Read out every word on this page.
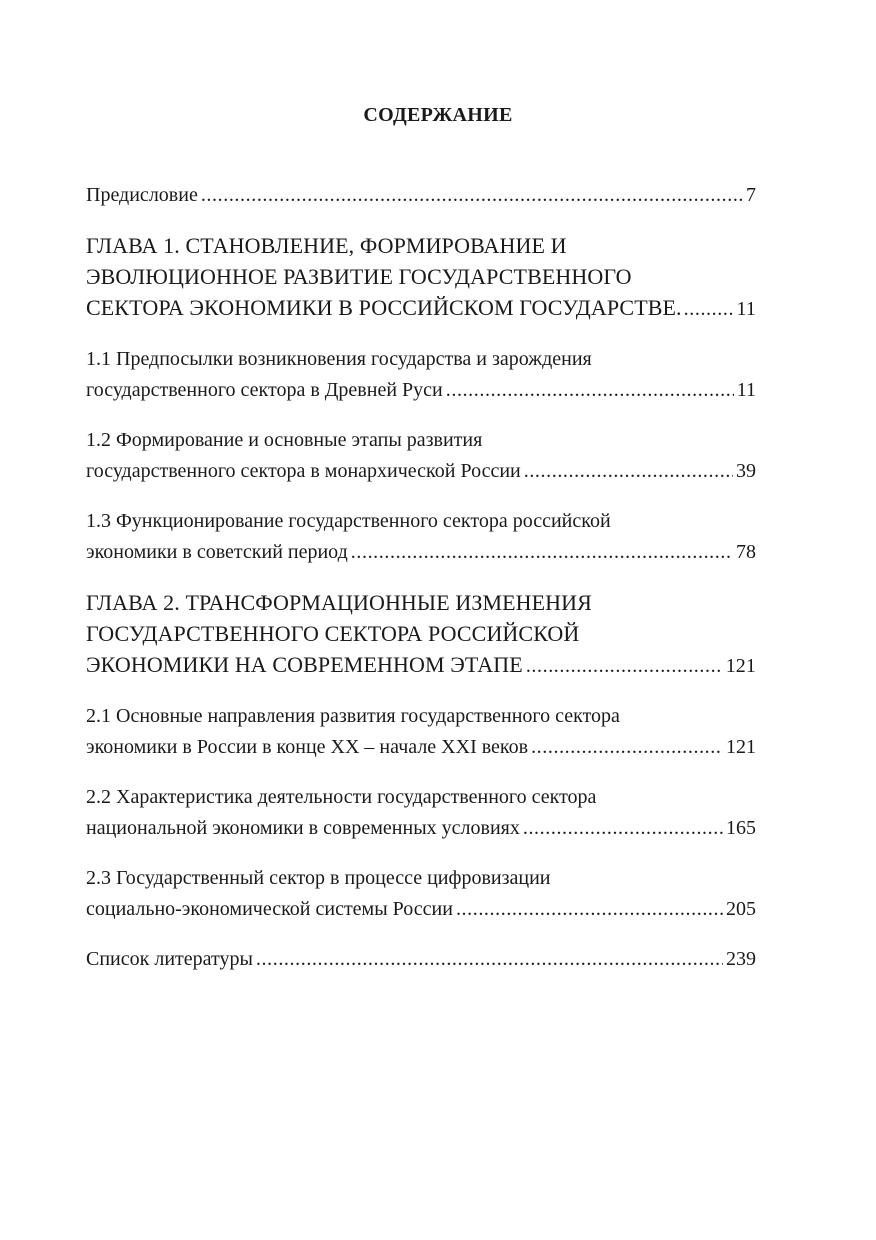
СОДЕРЖАНИЕ
Предисловие .....	7
ГЛАВА 1. СТАНОВЛЕНИЕ, ФОРМИРОВАНИЕ И
ЭВОЛЮЦИОННОЕ РАЗВИТИЕ ГОСУДАРСТВЕННОГО
СЕКТОРА ЭКОНОМИКИ В РОССИЙСКОМ ГОСУДАРСТВЕ. .....	11
1.1 Предпосылки возникновения государства и зарождения
государственного сектора в Древней Руси .....	11
1.2 Формирование и основные этапы развития
государственного сектора в монархической России .....	39
1.3 Функционирование государственного сектора российской
экономики в советский период .....	78
ГЛАВА 2. ТРАНСФОРМАЦИОННЫЕ ИЗМЕНЕНИЯ
ГОСУДАРСТВЕННОГО СЕКТОРА РОССИЙСКОЙ
ЭКОНОМИКИ НА СОВРЕМЕННОМ ЭТАПЕ .....	121
2.1 Основные направления развития государственного сектора
экономики в России в конце XX – начале XXI веков .....	121
2.2 Характеристика деятельности государственного сектора
национальной экономики в современных условиях .....	165
2.3 Государственный сектор в процессе цифровизации
социально-экономической системы России .....	205
Список литературы .....	239
